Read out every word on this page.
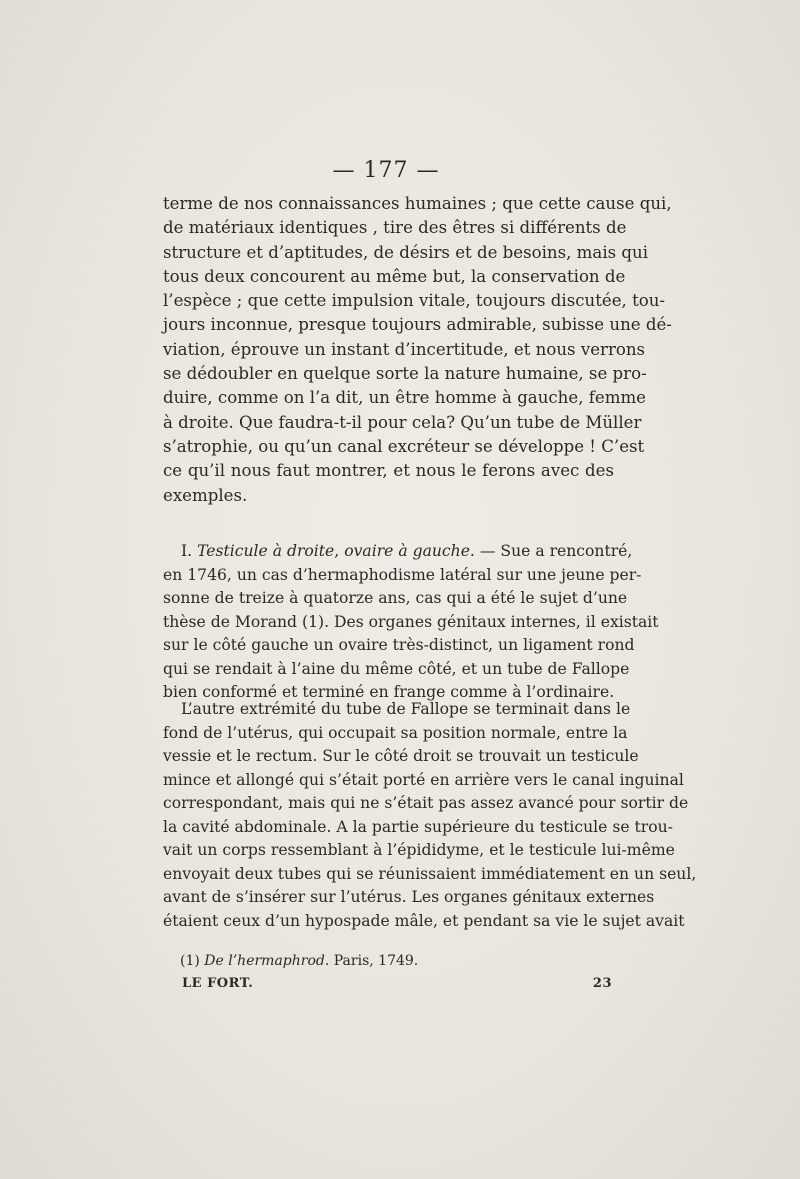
— 177 —
terme de nos connaissances humaines ; que cette cause qui,
de matériaux identiques , tire des êtres si différents de
structure et d’aptitudes, de désirs et de besoins, mais qui
tous deux concourent au même but, la conservation de
l’espèce ; que cette impulsion vitale, toujours discutée, tou-
jours inconnue, presque toujours admirable, subisse une dé-
viation, éprouve un instant d’incertitude, et nous verrons
se dédoubler en quelque sorte la nature humaine, se pro-
duire, comme on l’a dit, un être homme à gauche, femme
à droite. Que faudra-t-il pour cela? Qu’un tube de Müller
s’atrophie, ou qu’un canal excréteur se développe ! C’est
ce qu’il nous faut montrer, et nous le ferons avec des
exemples.
I. Testicule à droite, ovaire à gauche. — Sue a rencontré,
en 1746, un cas d’hermaphodisme latéral sur une jeune per-
sonne de treize à quatorze ans, cas qui a été le sujet d’une
thèse de Morand (1). Des organes génitaux internes, il existait
sur le côté gauche un ovaire très-distinct, un ligament rond
qui se rendait à l’aine du même côté, et un tube de Fallope
bien conformé et terminé en frange comme à l’ordinaire.
L’autre extrémité du tube de Fallope se terminait dans le
fond de l’utérus, qui occupait sa position normale, entre la
vessie et le rectum. Sur le côté droit se trouvait un testicule
mince et allongé qui s’était porté en arrière vers le canal inguinal
correspondant, mais qui ne s’était pas assez avancé pour sortir de
la cavité abdominale. A la partie supérieure du testicule se trou-
vait un corps ressemblant à l’épididyme, et le testicule lui-même
envoyait deux tubes qui se réunissaient immédiatement en un seul,
avant de s’insérer sur l’utérus. Les organes génitaux externes
étaient ceux d’un hypospade mâle, et pendant sa vie le sujet avait
(1) De l’hermaphrod. Paris, 1749.
LE FORT.	23
